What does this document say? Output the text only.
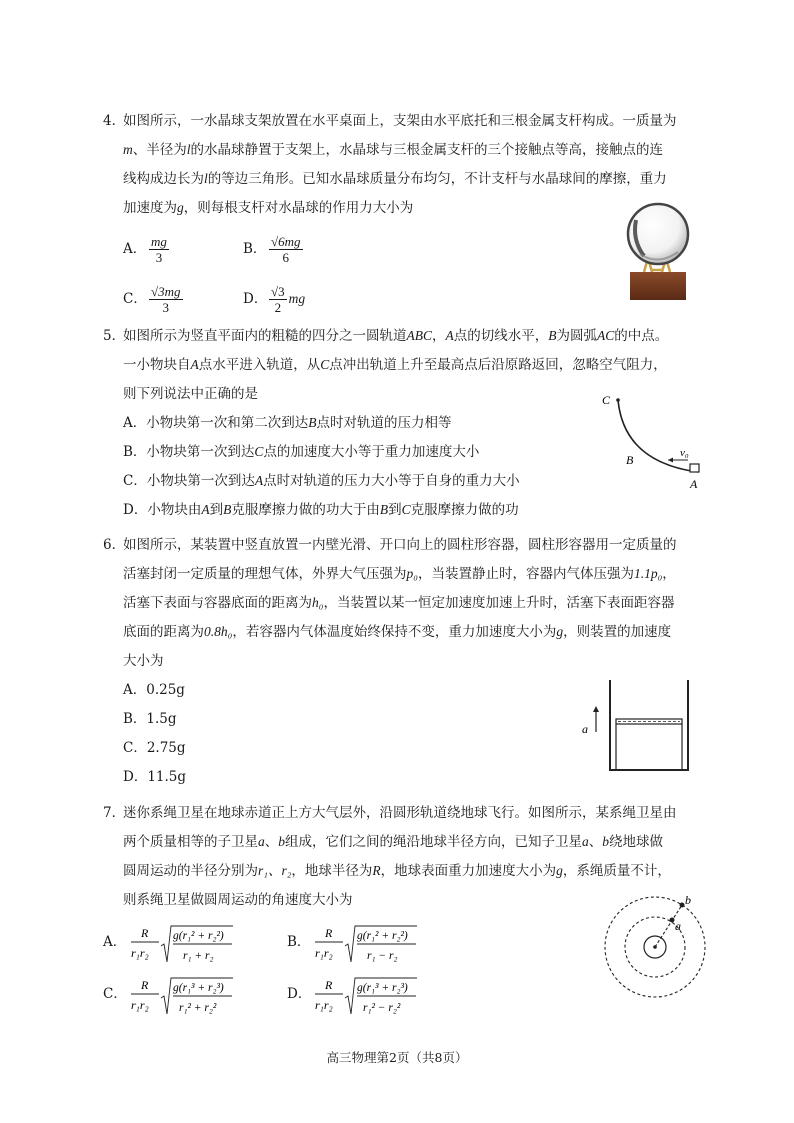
4．
如图所示，一水晶球支架放置在水平桌面上，支架由水平底托和三根金属支杆构成。一质量为
m、半径为l的水晶球静置于支架上，水晶球与三根金属支杆的三个接触点等高，接触点的连
线构成边长为l的等边三角形。已知水晶球质量分布均匀，不计支杆与水晶球间的摩擦，重力
加速度为g，则每根支杆对水晶球的作用力大小为
A． $\frac{mg}{3}$	B． $\frac{√6mg}{6}$
C． $\frac{√3mg}{3}$	D． $\frac{√3}{2}$ mg
5．
如图所示为竖直平面内的粗糙的四分之一圆轨道ABC，A点的切线水平，B为圆弧AC的中点。
一小物块自A点水平进入轨道，从C点冲出轨道上升至最高点后沿原路返回，忽略空气阻力，
则下列说法中正确的是
A．小物块第一次和第二次到达B点时对轨道的压力相等
B．小物块第一次到达C点的加速度大小等于重力加速度大小
C．小物块第一次到达A点时对轨道的压力大小等于自身的重力大小
D．小物块由A到B克服摩擦力做的功大于由B到C克服摩擦力做的功
C
B
A
v₀
6．
如图所示，某装置中竖直放置一内壁光滑、开口向上的圆柱形容器，圆柱形容器用一定质量的
活塞封闭一定质量的理想气体，外界大气压强为p₀，当装置静止时，容器内气体压强为1.1p₀，
活塞下表面与容器底面的距离为h₀，当装置以某一恒定加速度加速上升时，活塞下表面距容器
底面的距离为0.8h₀，若容器内气体温度始终保持不变，重力加速度大小为g，则装置的加速度
大小为
A．0.25g
B．1.5g
C．2.75g
D．11.5g
a
7．
迷你系绳卫星在地球赤道正上方大气层外，沿圆形轨道绕地球飞行。如图所示，某系绳卫星由
两个质量相等的子卫星a、b组成，它们之间的绳沿地球半径方向，已知子卫星a、b绕地球做
圆周运动的半径分别为r₁、r₂，地球半径为R，地球表面重力加速度大小为g，系绳质量不计，
则系绳卫星做圆周运动的角速度大小为
A．
R
r₁r₂
g(r₁² + r₂²)
r₁ + r₂
B．
R
r₁r₂
g(r₁² + r₂²)
r₁ − r₂
C．
R
r₁r₂
g(r₁³ + r₂³)
r₁² + r₂²
D．
R
r₁r₂
g(r₁³ + r₂³)
r₁² − r₂²
a
b
高三物理第2页（共8页）
